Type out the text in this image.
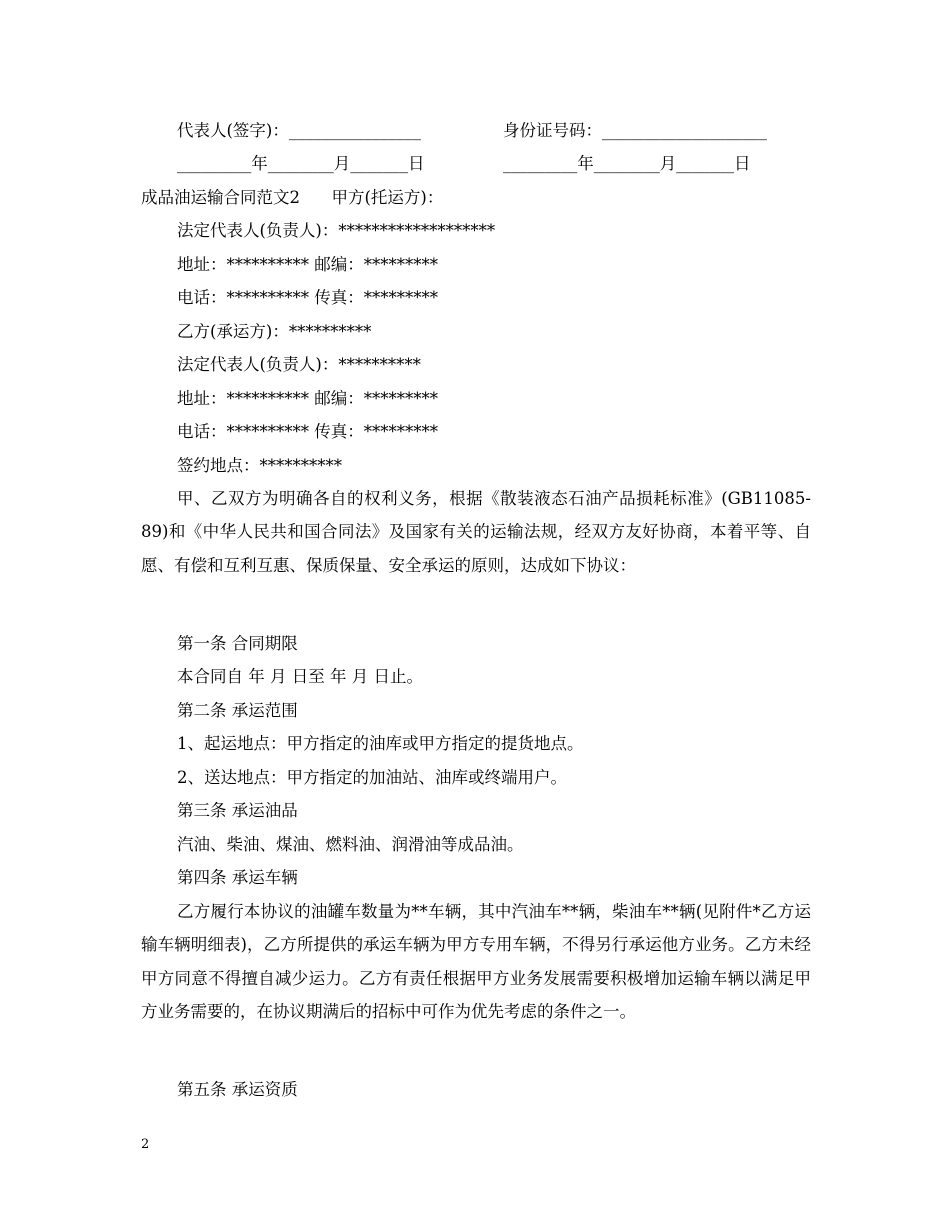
代表人(签字)：________________	身份证号码：____________________
_________年________月_______日	_________年________月_______日
成品油运输合同范文2      甲方(托运方)：
法定代表人(负责人)：*******************
地址：********** 邮编：*********
电话：********** 传真：*********
乙方(承运方)：**********
法定代表人(负责人)：**********
地址：********** 邮编：*********
电话：********** 传真：*********
签约地点：**********
甲、乙双方为明确各自的权利义务，根据《散装液态石油产品损耗标准》(GB11085-89)和《中华人民共和国合同法》及国家有关的运输法规，经双方友好协商，本着平等、自愿、有偿和互利互惠、保质保量、安全承运的原则，达成如下协议：
第一条 合同期限
本合同自 年 月 日至 年 月 日止。
第二条 承运范围
1、起运地点：甲方指定的油库或甲方指定的提货地点。
2、送达地点：甲方指定的加油站、油库或终端用户。
第三条 承运油品
汽油、柴油、煤油、燃料油、润滑油等成品油。
第四条 承运车辆
乙方履行本协议的油罐车数量为**车辆，其中汽油车**辆，柴油车**辆(见附件*乙方运输车辆明细表)，乙方所提供的承运车辆为甲方专用车辆，不得另行承运他方业务。乙方未经甲方同意不得擅自减少运力。乙方有责任根据甲方业务发展需要积极增加运输车辆以满足甲方业务需要的，在协议期满后的招标中可作为优先考虑的条件之一。
第五条 承运资质
2
